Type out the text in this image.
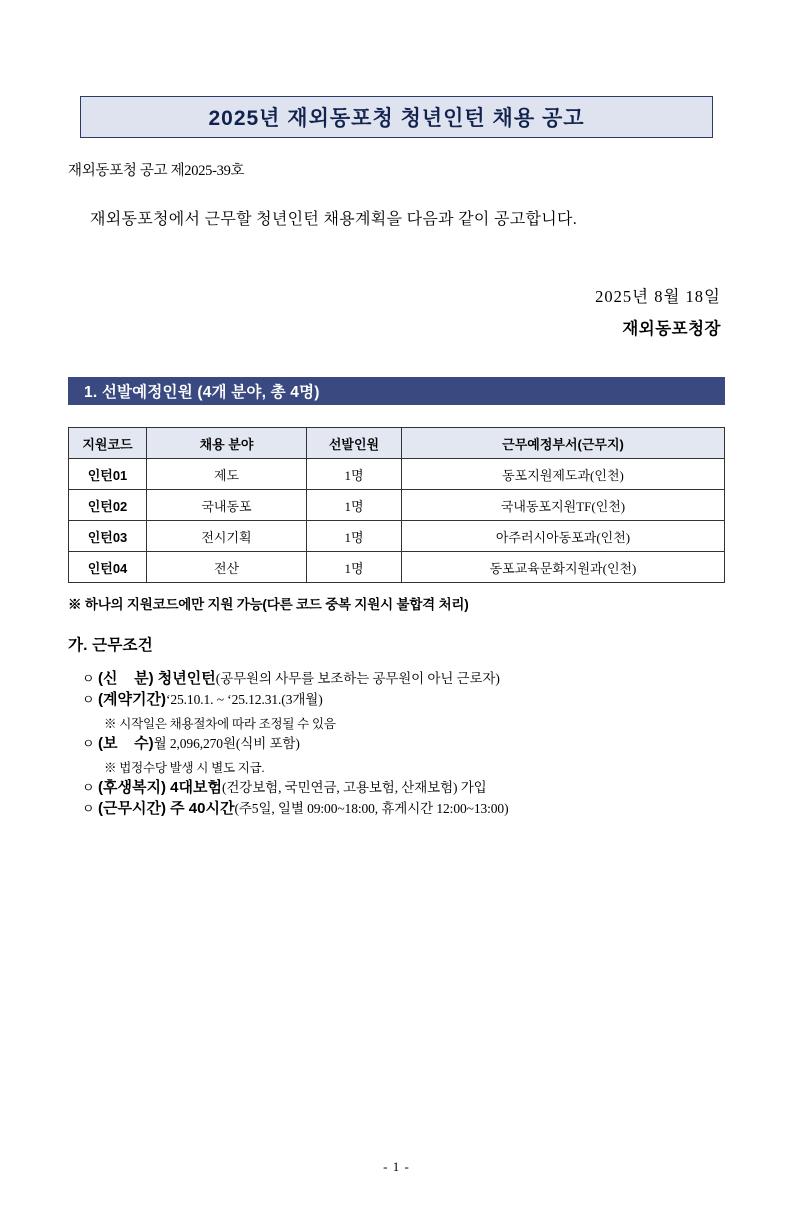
2025년 재외동포청 청년인턴 채용 공고
재외동포청 공고 제2025-39호
재외동포청에서 근무할 청년인턴 채용계획을 다음과 같이 공고합니다.
2025년 8월 18일
재외동포청장
1. 선발예정인원 (4개 분야, 총 4명)
지원코드	채용 분야	선발인원	근무예정부서(근무지)
인턴01	제도	1명	동포지원제도과(인천)
인턴02	국내동포	1명	국내동포지원TF(인천)
인턴03	전시기획	1명	아주러시아동포과(인천)
인턴04	전산	1명	동포교육문화지원과(인천)
※ 하나의 지원코드에만 지원 가능(다른 코드 중복 지원시 불합격 처리)
가. 근무조건
ㅇ (신    분) 청년인턴 (공무원의 사무를 보조하는 공무원이 아닌 근로자)
ㅇ (계약기간) ‘25.10.1. ~ ‘25.12.31.(3개월)
※ 시작일은 채용절차에 따라 조정될 수 있음
ㅇ (보    수) 월 2,096,270원(식비 포함)
※ 법정수당 발생 시 별도 지급.
ㅇ (후생복지) 4대보험 (건강보험, 국민연금, 고용보험, 산재보험) 가입
ㅇ (근무시간) 주 40시간 (주5일, 일별 09:00~18:00, 휴게시간 12:00~13:00)
- 1 -
